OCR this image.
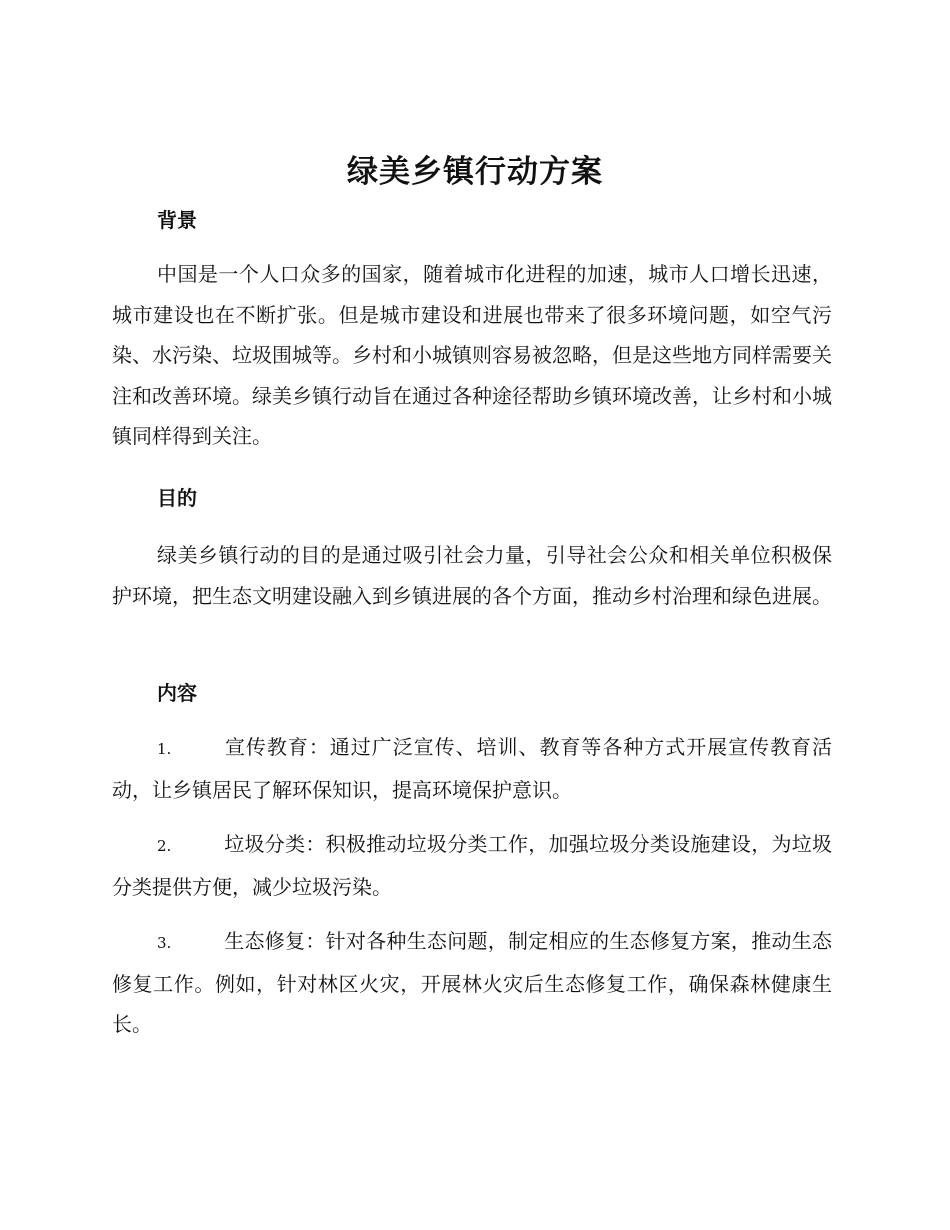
绿美乡镇行动方案
背景

中国是一个人口众多的国家，随着城市化进程的加速，城市人口增长迅速，城市建设也在不断扩张。但是城市建设和进展也带来了很多环境问题，如空气污染、水污染、垃圾围城等。乡村和小城镇则容易被忽略，但是这些地方同样需要关注和改善环境。绿美乡镇行动旨在通过各种途径帮助乡镇环境改善，让乡村和小城镇同样得到关注。

目的

绿美乡镇行动的目的是通过吸引社会力量，引导社会公众和相关单位积极保护环境，把生态文明建设融入到乡镇进展的各个方面，推动乡村治理和绿色进展。

内容
1.	宣传教育：通过广泛宣传、培训、教育等各种方式开展宣传教育活动，让乡镇居民了解环保知识，提高环境保护意识。
2.	垃圾分类：积极推动垃圾分类工作，加强垃圾分类设施建设，为垃圾分类提供方便，减少垃圾污染。
3.	生态修复：针对各种生态问题，制定相应的生态修复方案，推动生态修复工作。例如，针对林区火灾，开展林火灾后生态修复工作，确保森林健康生长。
